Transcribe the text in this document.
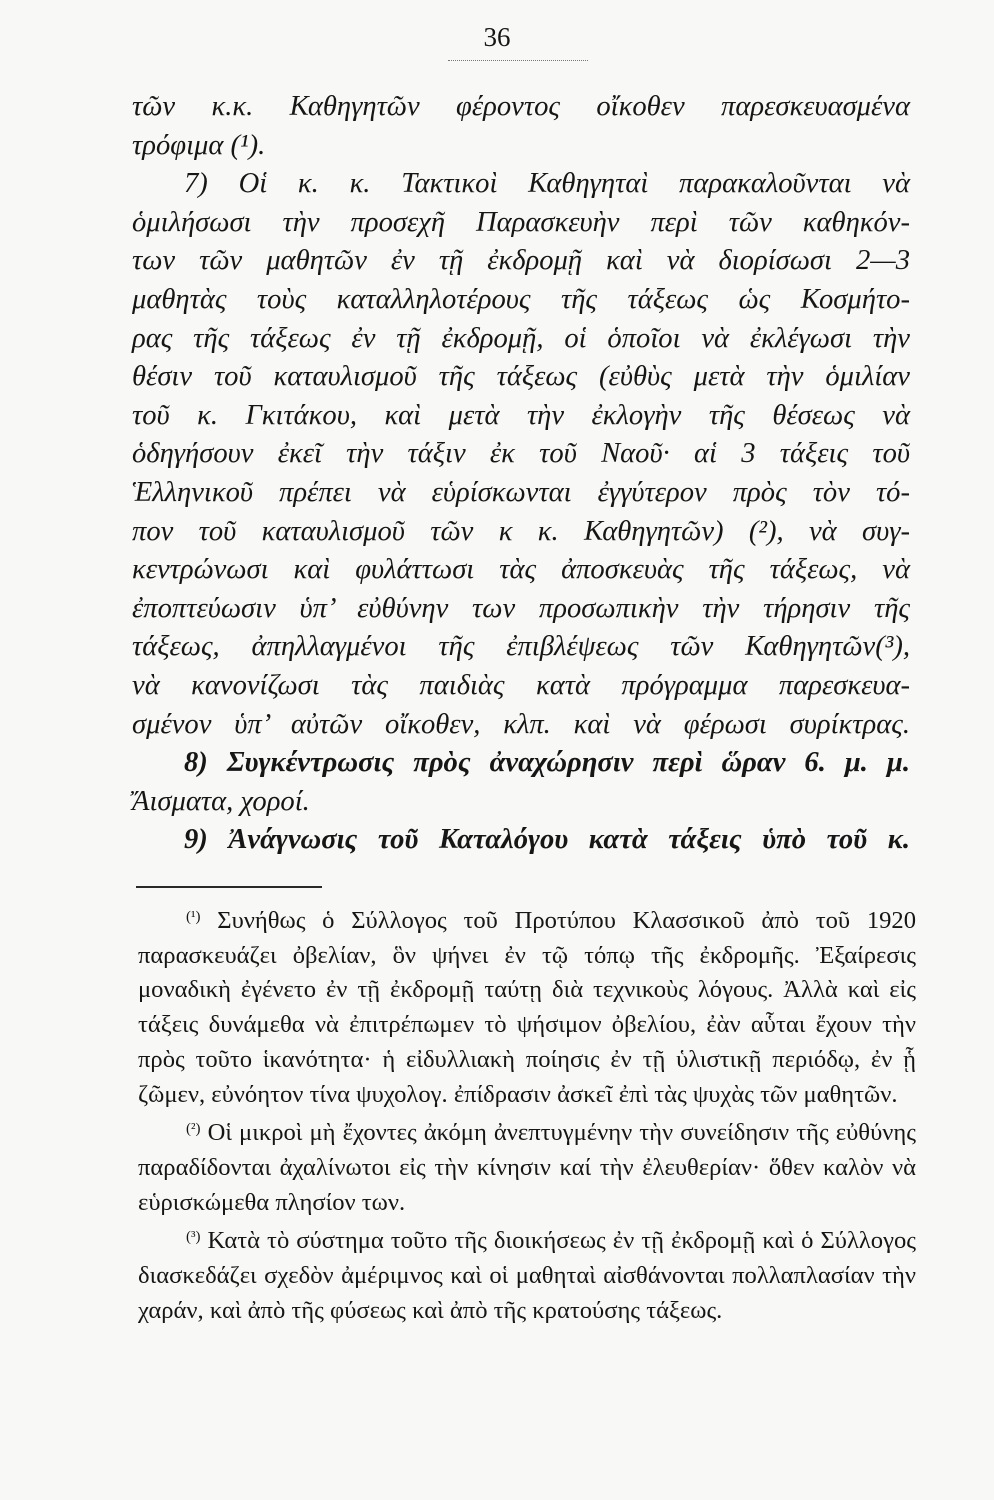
36
τῶν κ.κ. Καθηγητῶν φέροντος οἴκοθεν παρεσκευασμένα
τρόφιμα (¹).
7) Οἱ κ. κ. Τακτικοὶ Καθηγηταὶ παρακαλοῦνται νὰ
ὁμιλήσωσι τὴν προσεχῆ Παρασκευὴν περὶ τῶν καθηκόν-
των τῶν μαθητῶν ἐν τῇ ἐκδρομῇ καὶ νὰ διορίσωσι 2—3
μαθητὰς τοὺς καταλληλοτέρους τῆς τάξεως ὡς Κοσμήτο-
ρας τῆς τάξεως ἐν τῇ ἐκδρομῇ, οἱ ὁποῖοι νὰ ἐκλέγωσι τὴν
θέσιν τοῦ καταυλισμοῦ τῆς τάξεως (εὐθὺς μετὰ τὴν ὁμιλίαν
τοῦ κ. Γκιτάκου, καὶ μετὰ τὴν ἐκλογὴν τῆς θέσεως νὰ
ὁδηγήσουν ἐκεῖ τὴν τάξιν ἐκ τοῦ Ναοῦ· αἱ 3 τάξεις τοῦ
Ἑλληνικοῦ πρέπει νὰ εὑρίσκωνται ἐγγύτερον πρὸς τὸν τό-
πον τοῦ καταυλισμοῦ τῶν κ κ. Καθηγητῶν) (²), νὰ συγ-
κεντρώνωσι καὶ φυλάττωσι τὰς ἀποσκευὰς τῆς τάξεως, νὰ
ἐποπτεύωσιν ὑπ’ εὐθύνην των προσωπικὴν τὴν τήρησιν τῆς
τάξεως, ἀπηλλαγμένοι τῆς ἐπιβλέψεως τῶν Καθηγητῶν(³),
νὰ κανονίζωσι τὰς παιδιὰς κατὰ πρόγραμμα παρεσκευα-
σμένον ὑπ’ αὐτῶν οἴκοθεν, κλπ. καὶ νὰ φέρωσι συρίκτρας.
8) Συγκέντρωσις πρὸς ἀναχώρησιν περὶ ὥραν 6. μ. μ.
Ἄισματα, χοροί.
9) Ἀνάγνωσις τοῦ Καταλόγου κατὰ τάξεις ὑπὸ τοῦ κ.

$^{(^1)}$ Συνήθως ὁ Σύλλογος τοῦ Προτύπου Κλασσικοῦ ἀπὸ τοῦ 1920 παρασκευάζει ὀβελίαν, ὃν ψήνει ἐν τῷ τόπῳ τῆς ἐκδρομῆς. Ἐξαίρεσις μοναδικὴ ἐγένετο ἐν τῇ ἐκδρομῇ ταύτῃ διὰ τεχνικοὺς λόγους. Ἀλλὰ καὶ εἰς τάξεις δυνάμεθα νὰ ἐπιτρέπωμεν τὸ ψήσιμον ὀβελίου, ἐὰν αὗται ἔχουν τὴν πρὸς τοῦτο ἱκανότητα· ἡ εἰδυλλιακὴ ποίησις ἐν τῇ ὑλιστικῇ περιόδῳ, ἐν ᾗ ζῶμεν, εὐνόητον τίνα ψυχολογ. ἐπίδρασιν ἀσκεῖ ἐπὶ τὰς ψυχὰς τῶν μαθητῶν.

$^{(^2)}$ Οἱ μικροὶ μὴ ἔχοντες ἀκόμη ἀνεπτυγμένην τὴν συνείδησιν τῆς εὐθύνης παραδίδονται ἀχαλίνωτοι εἰς τὴν κίνησιν καί τὴν ἐλευθερίαν· ὅθεν καλὸν νὰ εὑρισκώμεθα πλησίον των.

$^{(^3)}$ Κατὰ τὸ σύστημα τοῦτο τῆς διοικήσεως ἐν τῇ ἐκδρομῇ καὶ ὁ Σύλλογος διασκεδάζει σχεδὸν ἀμέριμνος καὶ οἱ μαθηταὶ αἰσθάνονται πολλαπλασίαν τὴν χαράν, καὶ ἀπὸ τῆς φύσεως καὶ ἀπὸ τῆς κρατούσης τάξεως.
